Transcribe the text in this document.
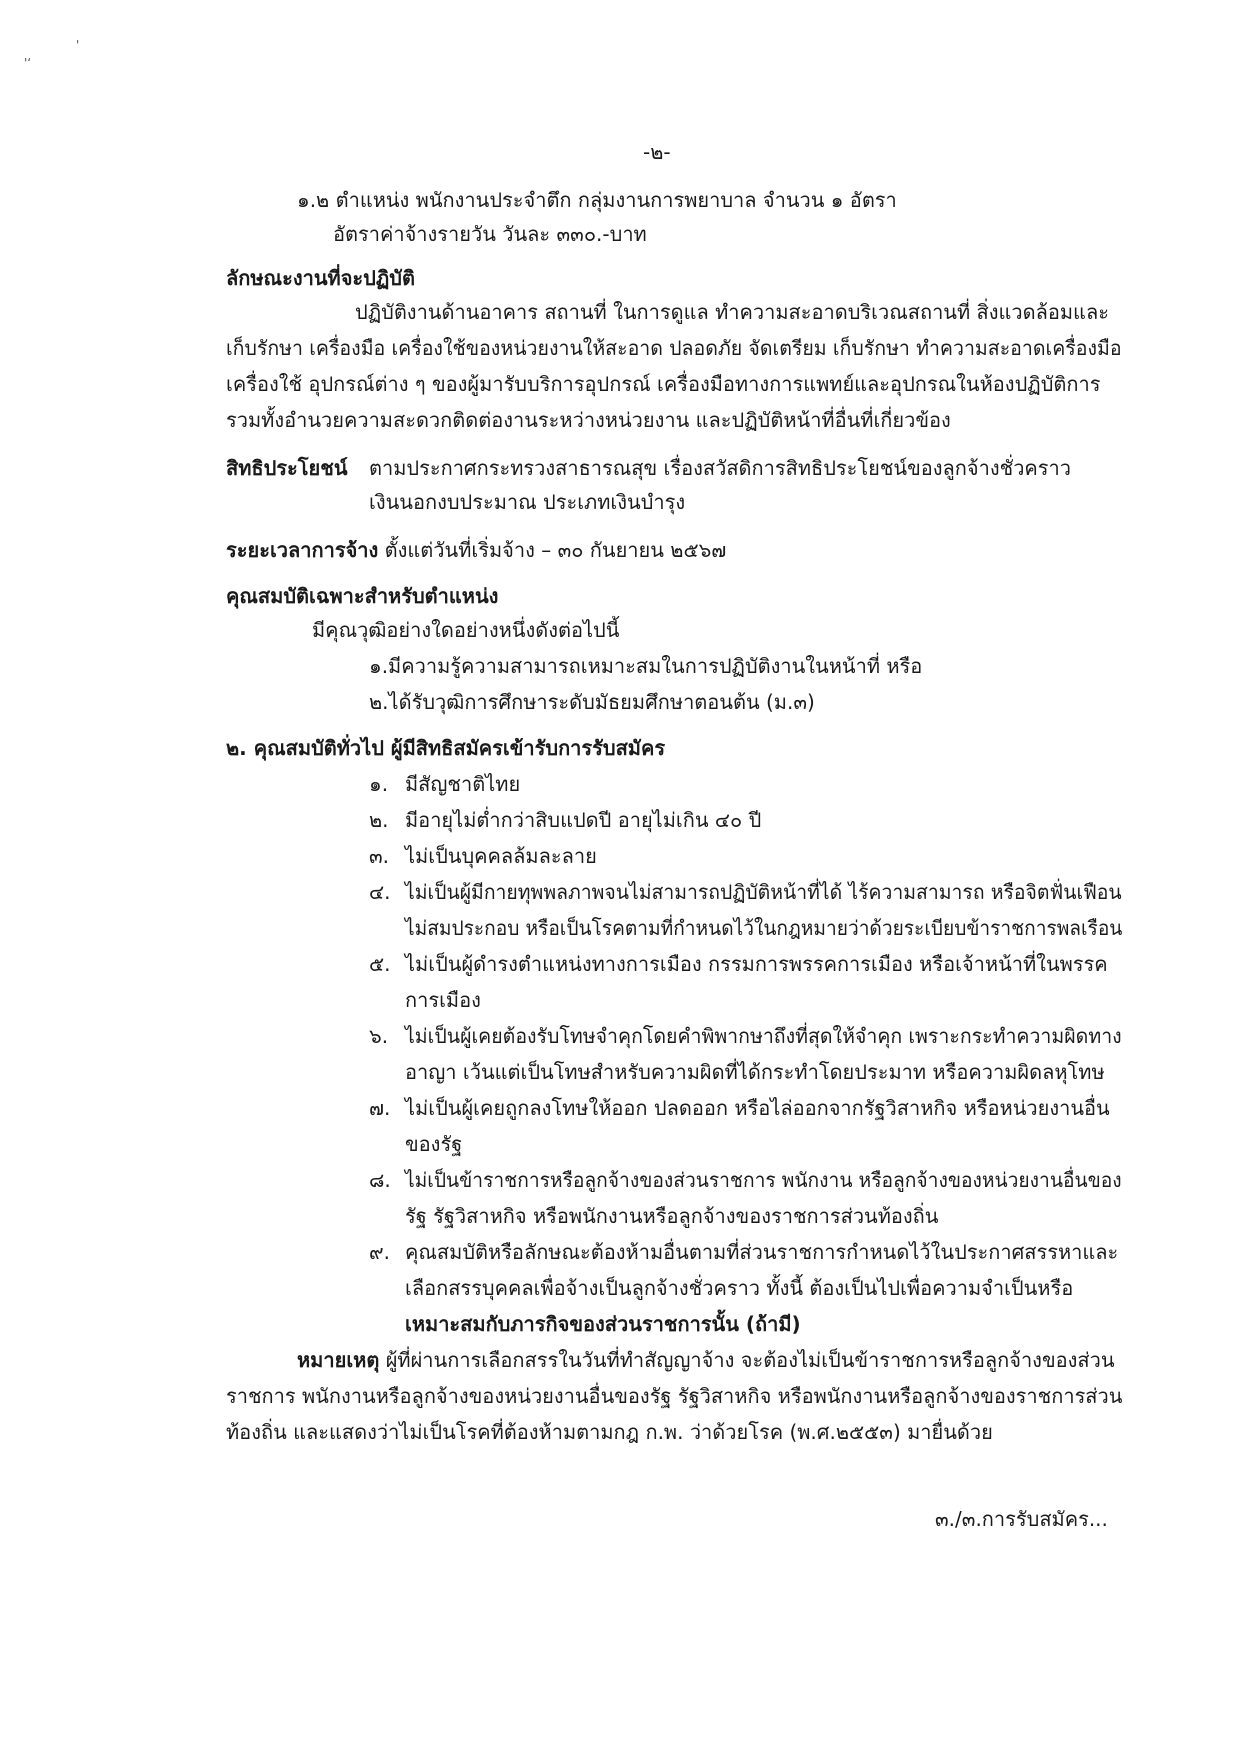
'
'‘
-๒-
๑.๒ ตำแหน่ง พนักงานประจำตึก กลุ่มงานการพยาบาล จำนวน ๑ อัตรา
อัตราค่าจ้างรายวัน วันละ ๓๓๐.-บาท
ลักษณะงานที่จะปฏิบัติ
ปฏิบัติงานด้านอาคาร สถานที่ ในการดูแล ทำความสะอาดบริเวณสถานที่ สิ่งแวดล้อมและ
เก็บรักษา เครื่องมือ เครื่องใช้ของหน่วยงานให้สะอาด ปลอดภัย จัดเตรียม เก็บรักษา ทำความสะอาดเครื่องมือ
เครื่องใช้ อุปกรณ์ต่าง ๆ ของผู้มารับบริการอุปกรณ์ เครื่องมือทางการแพทย์และอุปกรณในห้องปฏิบัติการ
รวมทั้งอำนวยความสะดวกติดต่องานระหว่างหน่วยงาน และปฏิบัติหน้าที่อื่นที่เกี่ยวข้อง
สิทธิประโยชน์ ตามประกาศกระทรวงสาธารณสุข เรื่องสวัสดิการสิทธิประโยชน์ของลูกจ้างชั่วคราว
เงินนอกงบประมาณ ประเภทเงินบำรุง
ระยะเวลาการจ้าง ตั้งแต่วันที่เริ่มจ้าง – ๓๐ กันยายน ๒๕๖๗
คุณสมบัติเฉพาะสำหรับตำแหน่ง
มีคุณวุฒิอย่างใดอย่างหนึ่งดังต่อไปนี้
๑.มีความรู้ความสามารถเหมาะสมในการปฏิบัติงานในหน้าที่ หรือ
๒.ได้รับวุฒิการศึกษาระดับมัธยมศึกษาตอนต้น (ม.๓)
๒. คุณสมบัติทั่วไป ผู้มีสิทธิสมัครเข้ารับการรับสมัคร
๑. มีสัญชาติไทย
๒. มีอายุไม่ต่ำกว่าสิบแปดปี อายุไม่เกิน ๔๐ ปี
๓. ไม่เป็นบุคคลล้มละลาย
๔. ไม่เป็นผู้มีกายทุพพลภาพจนไม่สามารถปฏิบัติหน้าที่ได้ ไร้ความสามารถ หรือจิตฟั่นเฟือน
ไม่สมประกอบ หรือเป็นโรคตามที่กำหนดไว้ในกฎหมายว่าด้วยระเบียบข้าราชการพลเรือน
๕. ไม่เป็นผู้ดำรงตำแหน่งทางการเมือง กรรมการพรรคการเมือง หรือเจ้าหน้าที่ในพรรค
การเมือง
๖. ไม่เป็นผู้เคยต้องรับโทษจำคุกโดยคำพิพากษาถึงที่สุดให้จำคุก เพราะกระทำความผิดทาง
อาญา เว้นแต่เป็นโทษสำหรับความผิดที่ได้กระทำโดยประมาท หรือความผิดลหุโทษ
๗. ไม่เป็นผู้เคยถูกลงโทษให้ออก ปลดออก หรือไล่ออกจากรัฐวิสาหกิจ หรือหน่วยงานอื่น
ของรัฐ
๘. ไม่เป็นข้าราชการหรือลูกจ้างของส่วนราชการ พนักงาน หรือลูกจ้างของหน่วยงานอื่นของ
รัฐ รัฐวิสาหกิจ หรือพนักงานหรือลูกจ้างของราชการส่วนท้องถิ่น
๙. คุณสมบัติหรือลักษณะต้องห้ามอื่นตามที่ส่วนราชการกำหนดไว้ในประกาศสรรหาและ
เลือกสรรบุคคลเพื่อจ้างเป็นลูกจ้างชั่วคราว ทั้งนี้ ต้องเป็นไปเพื่อความจำเป็นหรือ
เหมาะสมกับภารกิจของส่วนราชการนั้น (ถ้ามี)
หมายเหตุ ผู้ที่ผ่านการเลือกสรรในวันที่ทำสัญญาจ้าง จะต้องไม่เป็นข้าราชการหรือลูกจ้างของส่วน
ราชการ พนักงานหรือลูกจ้างของหน่วยงานอื่นของรัฐ รัฐวิสาหกิจ หรือพนักงานหรือลูกจ้างของราชการส่วน
ท้องถิ่น และแสดงว่าไม่เป็นโรคที่ต้องห้ามตามกฎ ก.พ. ว่าด้วยโรค (พ.ศ.๒๕๕๓) มายื่นด้วย
๓./๓.การรับสมัคร...
